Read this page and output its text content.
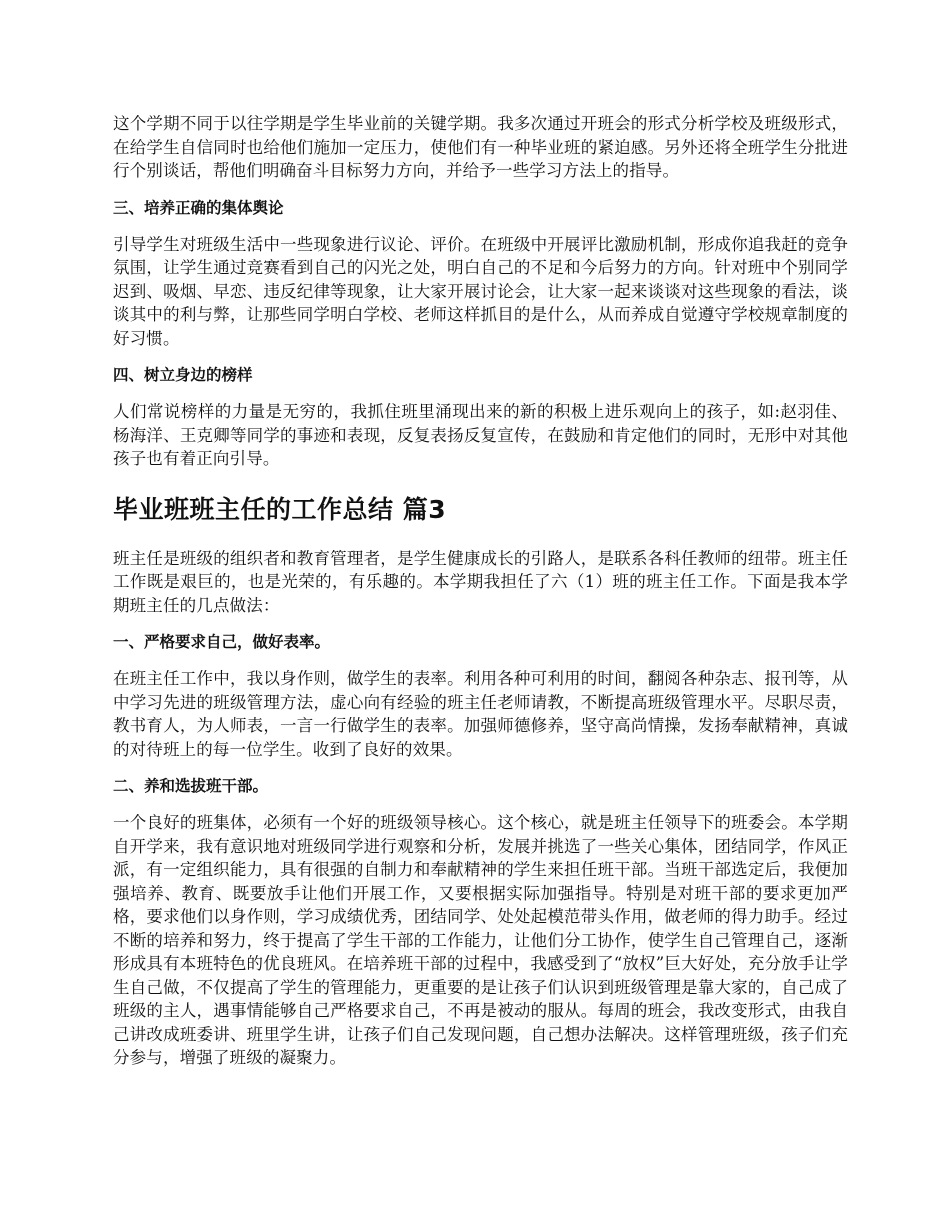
这个学期不同于以往学期是学生毕业前的关键学期。我多次通过开班会的形式分析学校及班级形式，在给学生自信同时也给他们施加一定压力，使他们有一种毕业班的紧迫感。另外还将全班学生分批进行个别谈话，帮他们明确奋斗目标努力方向，并给予一些学习方法上的指导。

三、培养正确的集体舆论

引导学生对班级生活中一些现象进行议论、评价。在班级中开展评比激励机制，形成你追我赶的竞争氛围，让学生通过竞赛看到自己的闪光之处，明白自己的不足和今后努力的方向。针对班中个别同学迟到、吸烟、早恋、违反纪律等现象，让大家开展讨论会，让大家一起来谈谈对这些现象的看法，谈谈其中的利与弊，让那些同学明白学校、老师这样抓目的是什么，从而养成自觉遵守学校规章制度的好习惯。

四、树立身边的榜样

人们常说榜样的力量是无穷的，我抓住班里涌现出来的新的积极上进乐观向上的孩子，如:赵羽佳、杨海洋、王克卿等同学的事迹和表现，反复表扬反复宣传，在鼓励和肯定他们的同时，无形中对其他孩子也有着正向引导。

毕业班班主任的工作总结 篇3

班主任是班级的组织者和教育管理者，是学生健康成长的引路人，是联系各科任教师的纽带。班主任工作既是艰巨的，也是光荣的，有乐趣的。本学期我担任了六（1）班的班主任工作。下面是我本学期班主任的几点做法：

一、严格要求自己，做好表率。

在班主任工作中，我以身作则，做学生的表率。利用各种可利用的时间，翻阅各种杂志、报刊等，从中学习先进的班级管理方法，虚心向有经验的班主任老师请教，不断提高班级管理水平。尽职尽责，教书育人，为人师表，一言一行做学生的表率。加强师德修养，坚守高尚情操，发扬奉献精神，真诚的对待班上的每一位学生。收到了良好的效果。

二、养和选拔班干部。

一个良好的班集体，必须有一个好的班级领导核心。这个核心，就是班主任领导下的班委会。本学期自开学来，我有意识地对班级同学进行观察和分析，发展并挑选了一些关心集体，团结同学，作风正派，有一定组织能力，具有很强的自制力和奉献精神的学生来担任班干部。当班干部选定后，我便加强培养、教育、既要放手让他们开展工作，又要根据实际加强指导。特别是对班干部的要求更加严格，要求他们以身作则，学习成绩优秀，团结同学、处处起模范带头作用，做老师的得力助手。经过不断的培养和努力，终于提高了学生干部的工作能力，让他们分工协作，使学生自己管理自己，逐渐形成具有本班特色的优良班风。在培养班干部的过程中，我感受到了“放权”巨大好处，充分放手让学生自己做，不仅提高了学生的管理能力，更重要的是让孩子们认识到班级管理是靠大家的，自己成了班级的主人，遇事情能够自己严格要求自己，不再是被动的服从。每周的班会，我改变形式，由我自己讲改成班委讲、班里学生讲，让孩子们自己发现问题，自己想办法解决。这样管理班级，孩子们充分参与，增强了班级的凝聚力。
